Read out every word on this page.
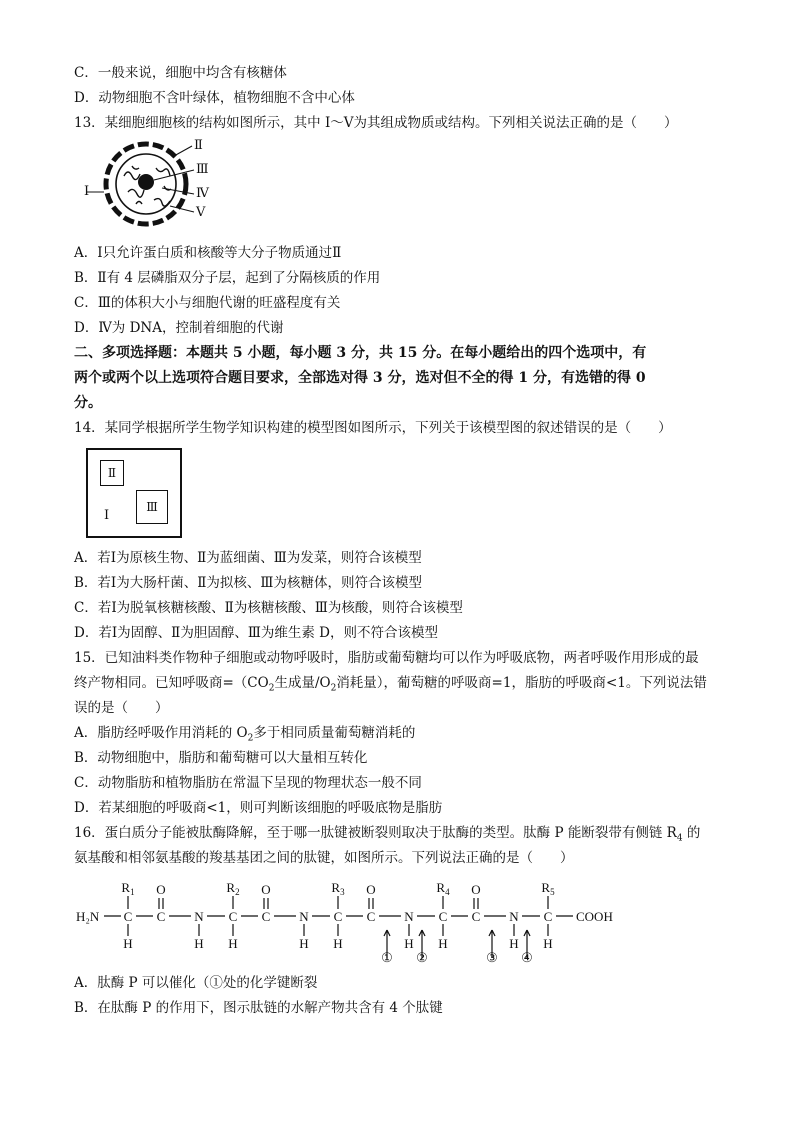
C．一般来说，细胞中均含有核糖体
D．动物细胞不含叶绿体，植物细胞不含中心体
13．某细胞细胞核的结构如图所示，其中 Ⅰ～Ⅴ为其组成物质或结构。下列相关说法正确的是（　　）
Ⅰ
Ⅱ
Ⅲ
Ⅳ
Ⅴ
A．Ⅰ只允许蛋白质和核酸等大分子物质通过Ⅱ
B．Ⅱ有 4 层磷脂双分子层，起到了分隔核质的作用
C．Ⅲ的体积大小与细胞代谢的旺盛程度有关
D．Ⅳ为 DNA，控制着细胞的代谢
二、多项选择题：本题共 5 小题，每小题 3 分，共 15 分。在每小题给出的四个选项中，有
两个或两个以上选项符合题目要求，全部选对得 3 分，选对但不全的得 1 分，有选错的得 0
分。
14．某同学根据所学生物学知识构建的模型图如图所示，下列关于该模型图的叙述错误的是（　　）
Ⅱ
Ⅲ
Ⅰ
A．若Ⅰ为原核生物、Ⅱ为蓝细菌、Ⅲ为发菜，则符合该模型
B．若Ⅰ为大肠杆菌、Ⅱ为拟核、Ⅲ为核糖体，则符合该模型
C．若Ⅰ为脱氧核糖核酸、Ⅱ为核糖核酸、Ⅲ为核酸，则符合该模型
D．若Ⅰ为固醇、Ⅱ为胆固醇、Ⅲ为维生素 D，则不符合该模型
15．已知油料类作物种子细胞或动物呼吸时，脂肪或葡萄糖均可以作为呼吸底物，两者呼吸作用形成的最
终产物相同。已知呼吸商$=(CO_2$生成量$/O_2$消耗量），葡萄糖的呼吸商=1，脂肪的呼吸商<1。下列说法错
误的是（　　）
A．脂肪经呼吸作用消耗的 $O_2$多于相同质量葡萄糖消耗的
B．动物细胞中，脂肪和葡萄糖可以大量相互转化
C．动物脂肪和植物脂肪在常温下呈现的物理状态一般不同
D．若某细胞的呼吸商<1，则可判断该细胞的呼吸底物是脂肪
16．蛋白质分子能被肽酶降解，至于哪一肽键被断裂则取决于肽酶的类型。肽酶 P 能断裂带有侧链 $R_4$ 的
氨基酸和相邻氨基酸的羧基基团之间的肽键，如图所示。下列说法正确的是（　　）
H₂N C
$R_1$
H
C
O
N
H
C
$R_2$
H
C
O
N
H
C
$R_3$
H
C
O
N
H
C
$R_4$
H
C
O
N
H
C
$R_5$
H
COOH
① ②	③ ④
A．肽酶 P 可以催化（①处的化学键断裂
B．在肽酶 P 的作用下，图示肽链的水解产物共含有 4 个肽键
